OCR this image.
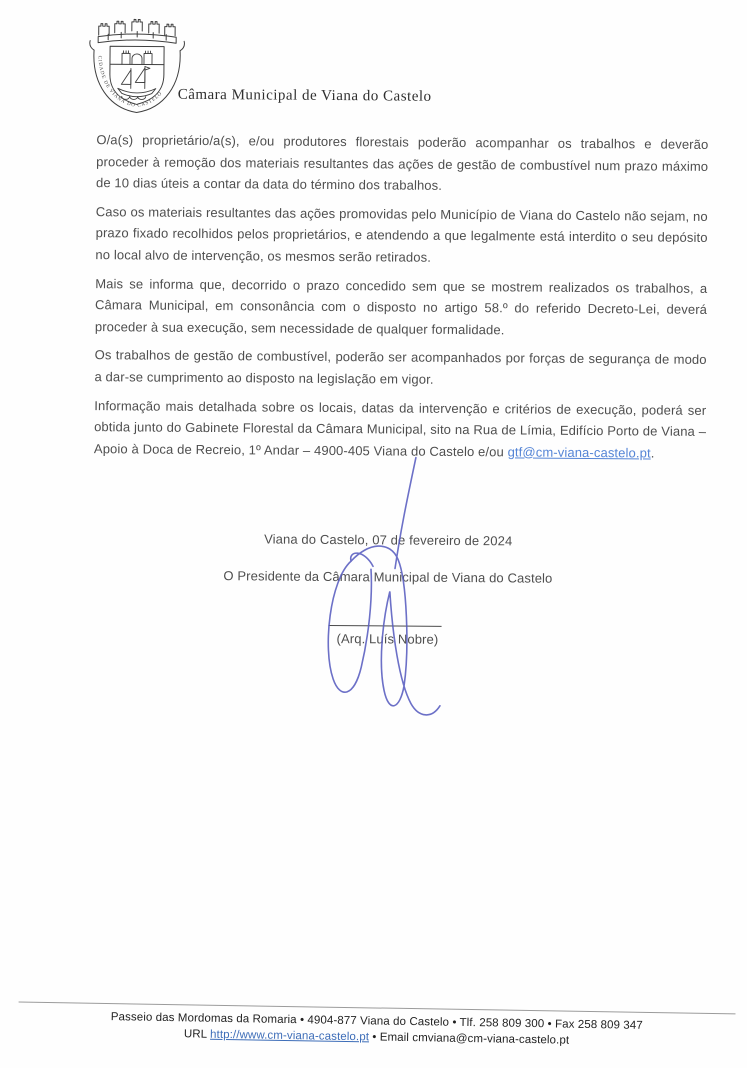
CIDADE DE VIANA DO CASTELO Câmara Municipal de Viana do Castelo

O/a(s) proprietário/a(s), e/ou produtores florestais poderão acompanhar os trabalhos e deverão proceder à remoção dos materiais resultantes das ações de gestão de combustível num prazo máximo de 10 dias úteis a contar da data do término dos trabalhos.

Caso os materiais resultantes das ações promovidas pelo Município de Viana do Castelo não sejam, no prazo fixado recolhidos pelos proprietários, e atendendo a que legalmente está interdito o seu depósito no local alvo de intervenção, os mesmos serão retirados.

Mais se informa que, decorrido o prazo concedido sem que se mostrem realizados os trabalhos, a Câmara Municipal, em consonância com o disposto no artigo 58.º do referido Decreto-Lei, deverá proceder à sua execução, sem necessidade de qualquer formalidade.

Os trabalhos de gestão de combustível, poderão ser acompanhados por forças de segurança de modo a dar-se cumprimento ao disposto na legislação em vigor.

Informação mais detalhada sobre os locais, datas da intervenção e critérios de execução, poderá ser obtida junto do Gabinete Florestal da Câmara Municipal, sito na Rua de Límia, Edifício Porto de Viana – Apoio à Doca de Recreio, 1º Andar – 4900-405 Viana do Castelo e/ou gtf@cm-viana-castelo.pt.

Viana do Castelo, 07 de fevereiro de 2024
O Presidente da Câmara Municipal de Viana do Castelo
(Arq. Luís Nobre)
Passeio das Mordomas da Romaria • 4904-877 Viana do Castelo • Tlf. 258 809 300 • Fax 258 809 347
URL http://www.cm-viana-castelo.pt • Email cmviana@cm-viana-castelo.pt
